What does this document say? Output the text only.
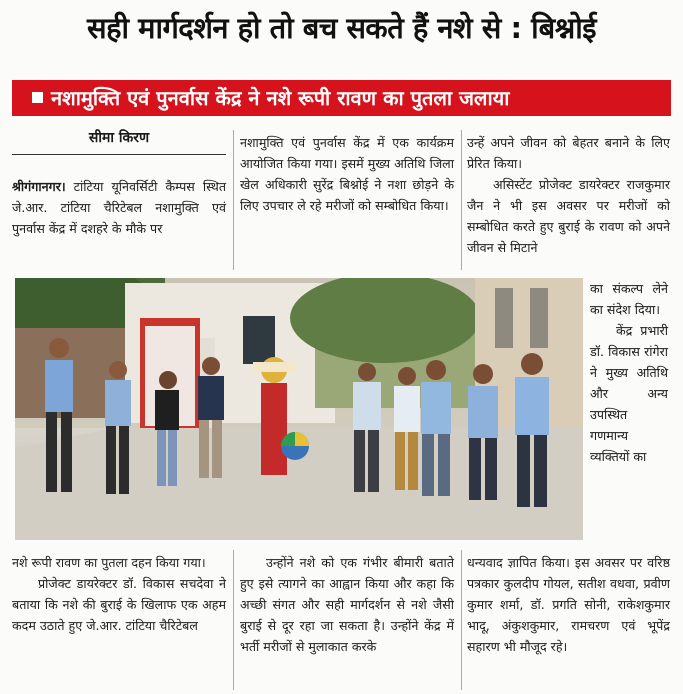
सही मार्गदर्शन हो तो बच सकते हैं नशे से : बिश्नोई
नशामुक्ति एवं पुनर्वास केंद्र ने नशे रूपी रावण का पुतला जलाया
सीमा किरण

श्रीगंगानगर। टांटिया यूनिवर्सिटी कैम्पस स्थित जे.आर. टांटिया चैरिटेबल नशामुक्ति एवं पुनर्वास केंद्र में दशहरे के मौके पर

नशामुक्ति एवं पुनर्वास केंद्र में एक कार्यक्रम आयोजित किया गया। इसमें मुख्य अतिथि जिला खेल अधिकारी सुरेंद्र बिश्नोई ने नशा छोड़ने के लिए उपचार ले रहे मरीजों को सम्बोधित किया।

उन्हें अपने जीवन को बेहतर बनाने के लिए प्रेरित किया।

असिस्टेंट प्रोजेक्ट डायरेक्टर राजकुमार जैन ने भी इस अवसर पर मरीजों को सम्बोधित करते हुए बुराई के रावण को अपने जीवन से मिटाने

का संकल्प लेने का संदेश दिया।

केंद्र प्रभारी डॉ. विकास रांगेरा ने मुख्य अतिथि और अन्य उपस्थित गणमान्य व्यक्तियों का

नशे रूपी रावण का पुतला दहन किया गया।

प्रोजेक्ट डायरेक्टर डॉ. विकास सचदेवा ने बताया कि नशे की बुराई के खिलाफ एक अहम कदम उठाते हुए जे.आर. टांटिया चैरिटेबल

उन्होंने नशे को एक गंभीर बीमारी बताते हुए इसे त्यागने का आह्वान किया और कहा कि अच्छी संगत और सही मार्गदर्शन से नशे जैसी बुराई से दूर रहा जा सकता है। उन्होंने केंद्र में भर्ती मरीजों से मुलाकात करके

धन्यवाद ज्ञापित किया। इस अवसर पर वरिष्ठ पत्रकार कुलदीप गोयल, सतीश वधवा, प्रवीण कुमार शर्मा, डॉ. प्रगति सोनी, राकेशकुमार भादू, अंकुशकुमार, रामचरण एवं भूपेंद्र सहारण भी मौजूद रहे।
